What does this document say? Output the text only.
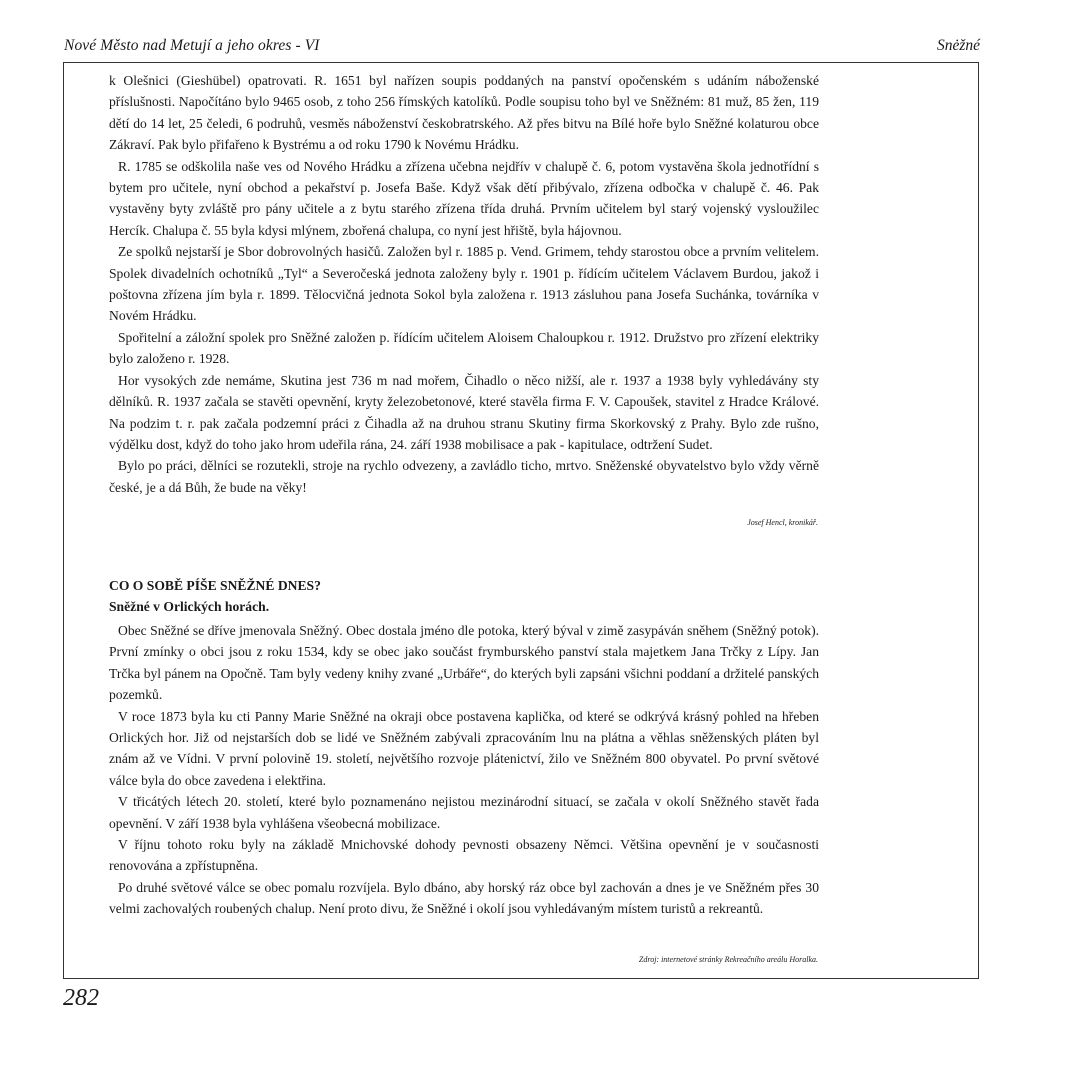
Nové Město nad Metují a jeho okres - VI	Snėžné

k Olešnici (Gieshübel) opatrovati. R. 1651 byl nařízen soupis poddaných na panství opočenském s udáním náboženské příslušnosti. Napočítáno bylo 9465 osob, z toho 256 římských katolíků. Podle soupisu toho byl ve Sněžném: 81 muž, 85 žen, 119 dětí do 14 let, 25 čeledi, 6 podruhů, vesměs náboženství českobratrského. Až přes bitvu na Bílé hoře bylo Sněžné kolaturou obce Zákraví. Pak bylo přifařeno k Bystrému a od roku 1790 k Novému Hrádku.

R. 1785 se odškolila naše ves od Nového Hrádku a zřízena učebna nejdřív v chalupě č. 6, potom vystavěna škola jednotřídní s bytem pro učitele, nyní obchod a pekařství p. Josefa Baše. Když však dětí přibývalo, zřízena odbočka v chalupě č. 46. Pak vystavěny byty zvláště pro pány učitele a z bytu starého zřízena třída druhá. Prvním učitelem byl starý vojenský vysloužilec Hercík. Chalupa č. 55 byla kdysi mlýnem, zbořená chalupa, co nyní jest hřiště, byla hájovnou.

Ze spolků nejstarší je Sbor dobrovolných hasičů. Založen byl r. 1885 p. Vend. Grimem, tehdy starostou obce a prvním velitelem. Spolek divadelních ochotníků „Tyl“ a Severočeská jednota založeny byly r. 1901 p. řídícím učitelem Václavem Burdou, jakož i poštovna zřízena jím byla r. 1899. Tělocvičná jednota Sokol byla založena r. 1913 zásluhou pana Josefa Suchánka, továrníka v Novém Hrádku.

Spořitelní a záložní spolek pro Sněžné založen p. řídícím učitelem Aloisem Chaloupkou r. 1912. Družstvo pro zřízení elektriky bylo založeno r. 1928.

Hor vysokých zde nemáme, Skutina jest 736 m nad mořem, Čihadlo o něco nižší, ale r. 1937 a 1938 byly vyhledávány sty dělníků. R. 1937 začala se stavěti opevnění, kryty železobetonové, které stavěla firma F. V. Capoušek, stavitel z Hradce Králové. Na podzim t. r. pak začala podzemní práci z Čihadla až na druhou stranu Skutiny firma Skorkovský z Prahy. Bylo zde rušno, výdělku dost, když do toho jako hrom udeřila rána, 24. září 1938 mobilisace a pak - kapitulace, odtržení Sudet.

Bylo po práci, dělníci se rozutekli, stroje na rychlo odvezeny, a zavládlo ticho, mrtvo. Sněženské obyvatelstvo bylo vždy věrně české, je a dá Bůh, že bude na věky!

Josef Hencl, kronikář.
CO O SOBĚ PÍŠE SNĚŽNÉ DNES?
Sněžné v Orlických horách.

Obec Sněžné se dříve jmenovala Sněžný. Obec dostala jméno dle potoka, který býval v zimě zasypáván sněhem (Sněžný potok). První zmínky o obci jsou z roku 1534, kdy se obec jako součást frymburského panství stala majetkem Jana Trčky z Lípy. Jan Trčka byl pánem na Opočně. Tam byly vedeny knihy zvané „Urbáře“, do kterých byli zapsáni všichni poddaní a držitelé panských pozemků.

V roce 1873 byla ku cti Panny Marie Sněžné na okraji obce postavena kaplička, od které se odkrývá krásný pohled na hřeben Orlických hor. Již od nejstarších dob se lidé ve Sněžném zabývali zpracováním lnu na plátna a věhlas sněženských pláten byl znám až ve Vídni. V první polovině 19. století, největšího rozvoje plátenictví, žilo ve Sněžném 800 obyvatel. Po první světové válce byla do obce zavedena i elektřina.

V třicátých létech 20. století, které bylo poznamenáno nejistou mezinárodní situací, se začala v okolí Sněžného stavět řada opevnění. V září 1938 byla vyhlášena všeobecná mobilizace.

V říjnu tohoto roku byly na základě Mnichovské dohody pevnosti obsazeny Němci. Většina opevnění je v současnosti renovována a zpřístupněna.

Po druhé světové válce se obec pomalu rozvíjela. Bylo dbáno, aby horský ráz obce byl zachován a dnes je ve Sněžném přes 30 velmi zachovalých roubených chalup. Není proto divu, že Sněžné i okolí jsou vyhledávaným místem turistů a rekreantů.

Zdroj: internetové stránky Rekreačního areálu Horalka.
282
